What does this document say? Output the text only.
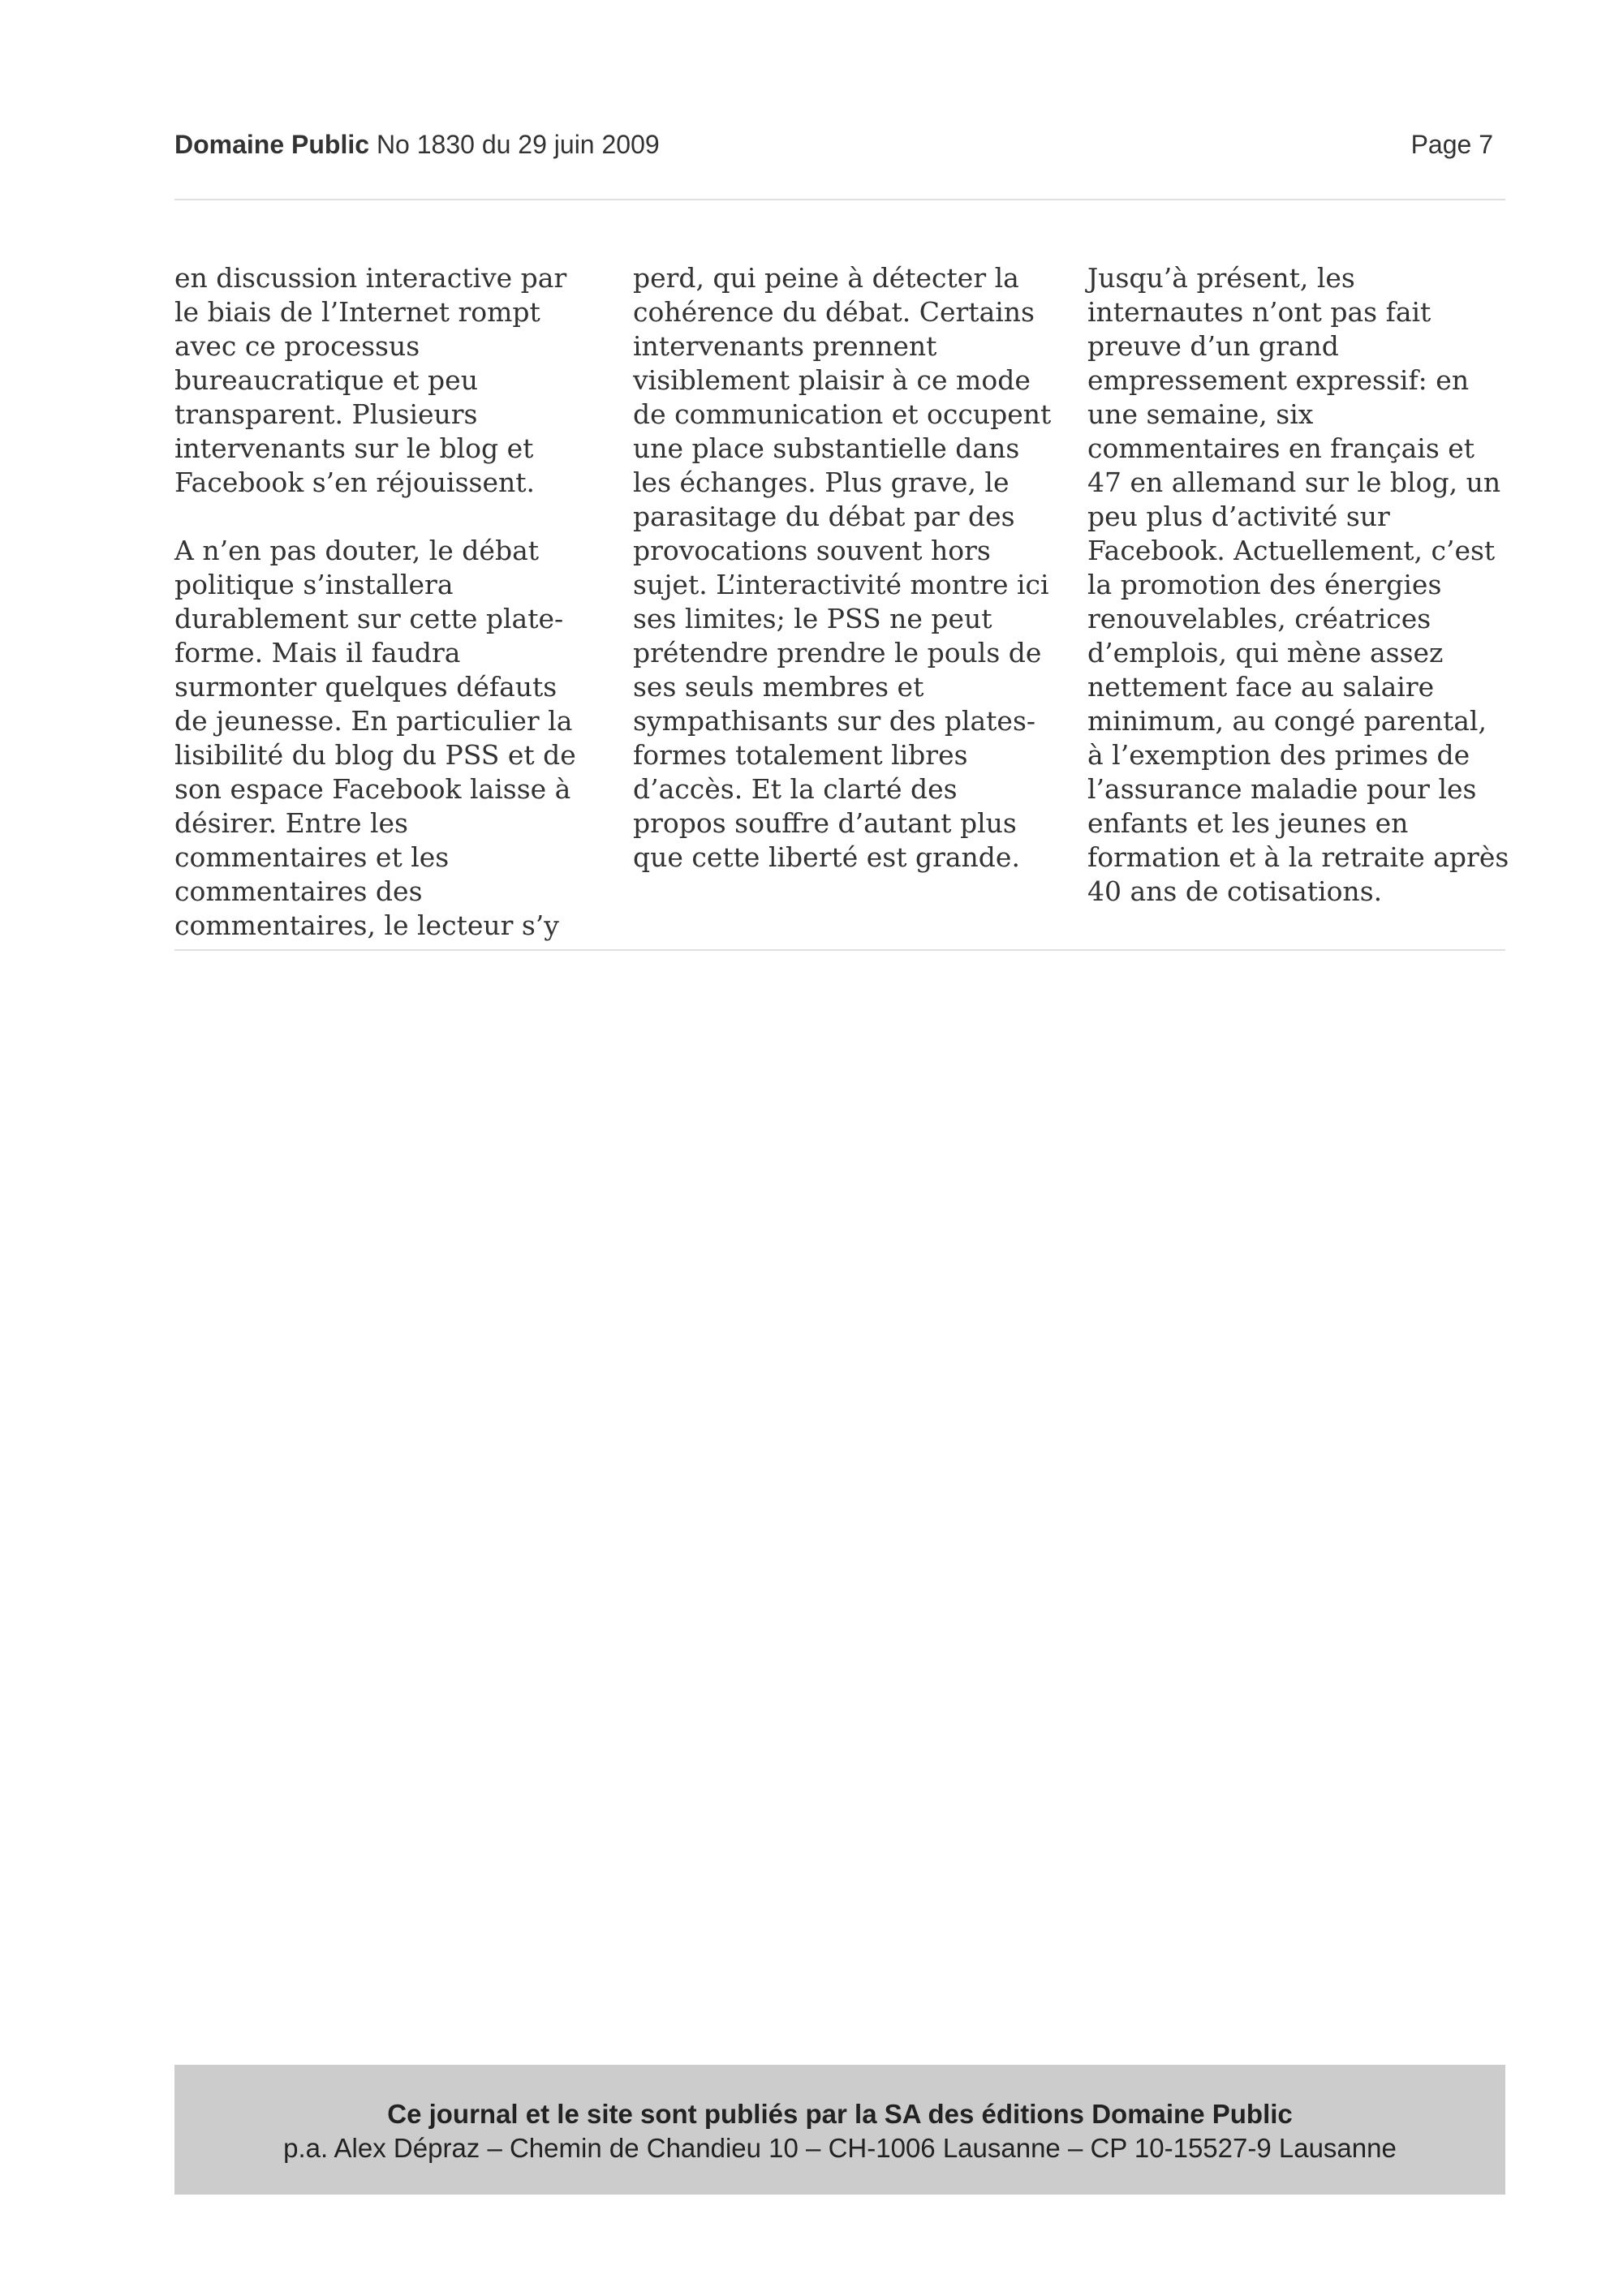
Domaine Public No 1830 du 29 juin 2009	Page 7

en discussion interactive par le biais de l’Internet rompt avec ce processus bureaucratique et peu transparent. Plusieurs intervenants sur le blog et Facebook s’en réjouissent.

A n’en pas douter, le débat politique s’installera durablement sur cette plate-forme. Mais il faudra surmonter quelques défauts de jeunesse. En particulier la lisibilité du blog du PSS et de son espace Facebook laisse à désirer. Entre les commentaires et les commentaires des commentaires, le lecteur s’y

perd, qui peine à détecter la cohérence du débat. Certains intervenants prennent visiblement plaisir à ce mode de communication et occupent une place substantielle dans les échanges. Plus grave, le parasitage du débat par des provocations souvent hors sujet. L’interactivité montre ici ses limites; le PSS ne peut prétendre prendre le pouls de ses seuls membres et sympathisants sur des plates-formes totalement libres d’accès. Et la clarté des propos souffre d’autant plus que cette liberté est grande.

Jusqu’à présent, les internautes n’ont pas fait preuve d’un grand empressement expressif: en une semaine, six commentaires en français et 47 en allemand sur le blog, un peu plus d’activité sur Facebook. Actuellement, c’est la promotion des énergies renouvelables, créatrices d’emplois, qui mène assez nettement face au salaire minimum, au congé parental, à l’exemption des primes de l’assurance maladie pour les enfants et les jeunes en formation et à la retraite après 40 ans de cotisations.

Ce journal et le site sont publiés par la SA des éditions Domaine Public
p.a. Alex Dépraz – Chemin de Chandieu 10 – CH-1006 Lausanne – CP 10-15527-9 Lausanne
